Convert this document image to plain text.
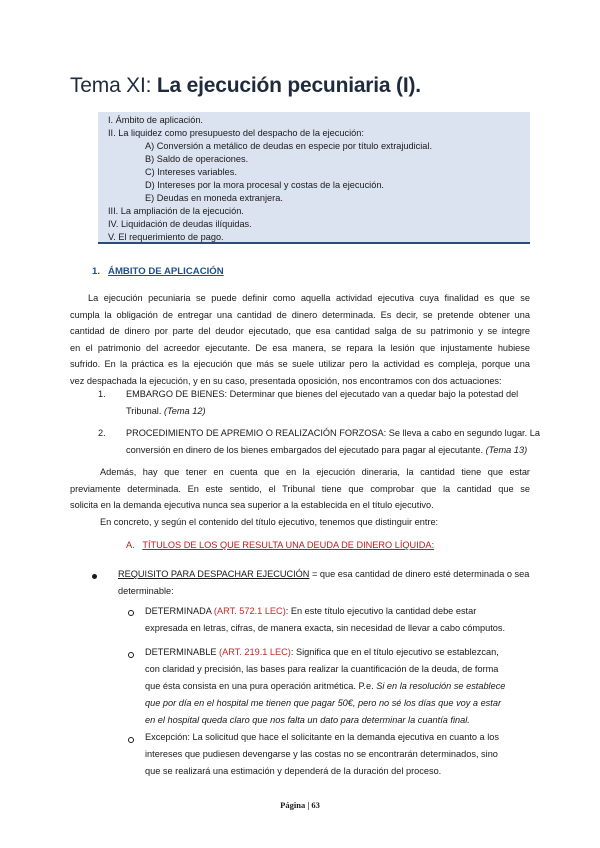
Tema XI: La ejecución pecuniaria (I).
I. Ámbito de aplicación.
II. La liquidez como presupuesto del despacho de la ejecución:
A) Conversión a metálico de deudas en especie por título extrajudicial.
B) Saldo de operaciones.
C) Intereses variables.
D) Intereses por la mora procesal y costas de la ejecución.
E) Deudas en moneda extranjera.
III. La ampliación de la ejecución.
IV. Liquidación de deudas ilíquidas.
V. El requerimiento de pago.
1. ÁMBITO DE APLICACIÓN
La ejecución pecuniaria se puede definir como aquella actividad ejecutiva cuya finalidad es que se
cumpla la obligación de entregar una cantidad de dinero determinada. Es decir, se pretende obtener una
cantidad de dinero por parte del deudor ejecutado, que esa cantidad salga de su patrimonio y se integre
en el patrimonio del acreedor ejecutante. De esa manera, se repara la lesión que injustamente hubiese
sufrido. En la práctica es la ejecución que más se suele utilizar pero la actividad es compleja, porque una
vez despachada la ejecución, y en su caso, presentada oposición, nos encontramos con dos actuaciones:
1. EMBARGO DE BIENES: Determinar que bienes del ejecutado van a quedar bajo la potestad del
Tribunal. (Tema 12)
2. PROCEDIMIENTO DE APREMIO O REALIZACIÓN FORZOSA: Se lleva a cabo en segundo lugar. La
conversión en dinero de los bienes embargados del ejecutado para pagar al ejecutante. (Tema 13)
Además, hay que tener en cuenta que en la ejecución dineraria, la cantidad tiene que estar
previamente determinada. En este sentido, el Tribunal tiene que comprobar que la cantidad que se
solicita en la demanda ejecutiva nunca sea superior a la establecida en el título ejecutivo.
En concreto, y según el contenido del título ejecutivo, tenemos que distinguir entre:
A. TÍTULOS DE LOS QUE RESULTA UNA DEUDA DE DINERO LÍQUIDA:
REQUISITO PARA DESPACHAR EJECUCIÓN = que esa cantidad de dinero esté determinada o sea
determinable:
DETERMINADA (ART. 572.1 LEC): En este título ejecutivo la cantidad debe estar
expresada en letras, cifras, de manera exacta, sin necesidad de llevar a cabo cómputos.
DETERMINABLE (ART. 219.1 LEC): Significa que en el título ejecutivo se establezcan,
con claridad y precisión, las bases para realizar la cuantificación de la deuda, de forma
que ésta consista en una pura operación aritmética. P.e. Si en la resolución se establece
que por día en el hospital me tienen que pagar 50€, pero no sé los días que voy a estar
en el hospital queda claro que nos falta un dato para determinar la cuantía final.
Excepción: La solicitud que hace el solicitante en la demanda ejecutiva en cuanto a los
intereses que pudiesen devengarse y las costas no se encontrarán determinados, sino
que se realizará una estimación y dependerá de la duración del proceso.
Página | 63
